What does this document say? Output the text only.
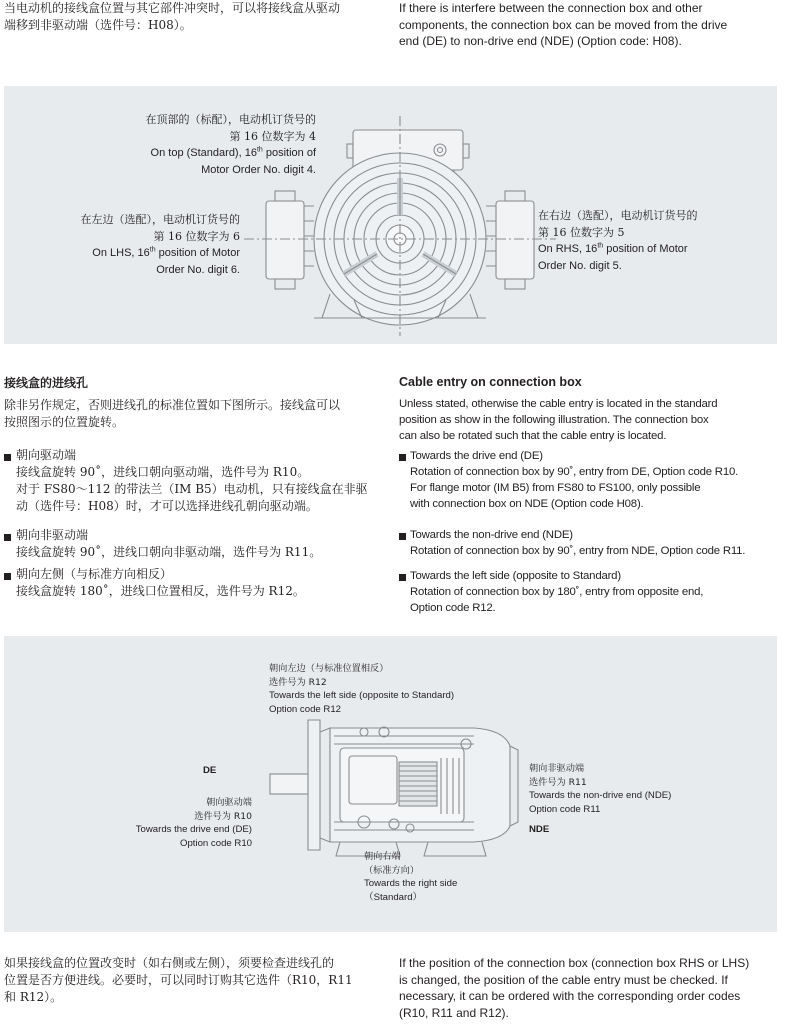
当电动机的接线盒位置与其它部件冲突时，可以将接线盒从驱动
端移到非驱动端（选件号：H08）。
If there is interfere between the connection box and other
components, the connection box can be moved from the drive
end (DE) to non-drive end (NDE) (Option code: H08).
在顶部的（标配），电动机订货号的
第 16 位数字为 4
On top (Standard), 16th position of
Motor Order No. digit 4.
在左边（选配），电动机订货号的
第 16 位数字为 6
On LHS, 16th position of Motor
Order No. digit 6.
在右边（选配），电动机订货号的
第 16 位数字为 5
On RHS, 16th position of Motor
Order No. digit 5.
接线盒的进线孔
除非另作规定，否则进线孔的标准位置如下图所示。接线盒可以
按照图示的位置旋转。
朝向驱动端
接线盒旋转 90˚，进线口朝向驱动端，选件号为 R10。
对于 FS80～112 的带法兰（IM B5）电动机，只有接线盒在非驱
动（选件号：H08）时，才可以选择进线孔朝向驱动端。
朝向非驱动端
接线盒旋转 90˚，进线口朝向非驱动端，选件号为 R11。
朝向左侧（与标准方向相反）
接线盒旋转 180˚，进线口位置相反，选件号为 R12。
Cable entry on connection box
Unless stated, otherwise the cable entry is located in the standard
position as show in the following illustration. The connection box
can also be rotated such that the cable entry is located.
Towards the drive end (DE)
Rotation of connection box by 90˚, entry from DE, Option code R10.
For flange motor (IM B5) from FS80 to FS100, only possible
with connection box on NDE (Option code H08).
Towards the non-drive end (NDE)
Rotation of connection box by 90˚, entry from NDE, Option code R11.
Towards the left side (opposite to Standard)
Rotation of connection box by 180˚, entry from opposite end,
Option code R12.
朝向左边（与标准位置相反）
选件号为 R12
Towards the left side (opposite to Standard)
Option code R12
DE
NDE
朝向驱动端
选件号为 R10
Towards the drive end (DE)
Option code R10
朝向非驱动端
选件号为 R11
Towards the non-drive end (NDE)
Option code R11
朝向右端
（标准方向）
Towards the right side
（Standard）
如果接线盒的位置改变时（如右侧或左侧），须要检查进线孔的
位置是否方便进线。必要时，可以同时订购其它选件（R10，R11
和 R12）。
If the position of the connection box (connection box RHS or LHS)
is changed, the position of the cable entry must be checked. If
necessary, it can be ordered with the corresponding order codes
(R10, R11 and R12).
